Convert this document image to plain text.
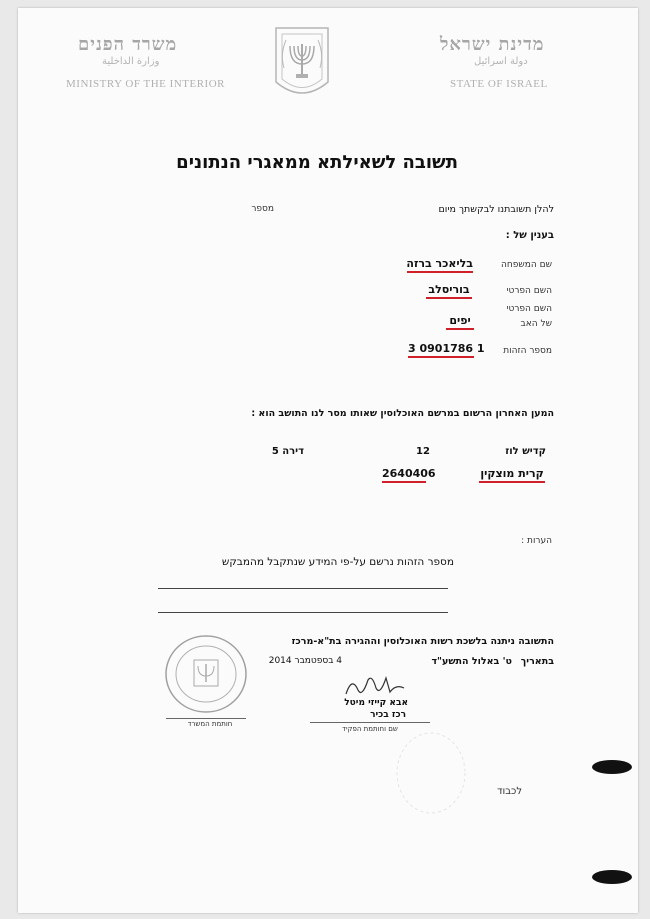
מדינת ישראל
دولة اسرائيل
STATE OF ISRAEL
משרד הפנים
وزارة الداخلية
MINISTRY OF THE INTERIOR
תשובה לשאילתא ממאגרי הנתונים
להלן תשובתנו לבקשתך מיום
מספר
בענין של :
שם המשפחה
בליאכר ברזה
השם הפרטי
בוריסלב
השם הפרטי
של האב
יפים
מספר הזהות
3 0901786 1
המען האחרון הרשום במרשם האוכלוסין שאותו מסר לנו התושב הוא :
קדיש לוז
12
דירה 5
קרית מוצקין
2640406
הערות :
מספר הזהות נרשם על-פי המידע שנתקבל מהמבקש
התשובה ניתנה בלשכת רשות האוכלוסין וההגירה בת"א-מרכז
בתאריך
ט' באלול התשע"ד
4 בספטמבר 2014
חותמת המשרד
אבא קייזי מיטל
רכז בכיר
שם וחותמת הפקיד
לכבוד
